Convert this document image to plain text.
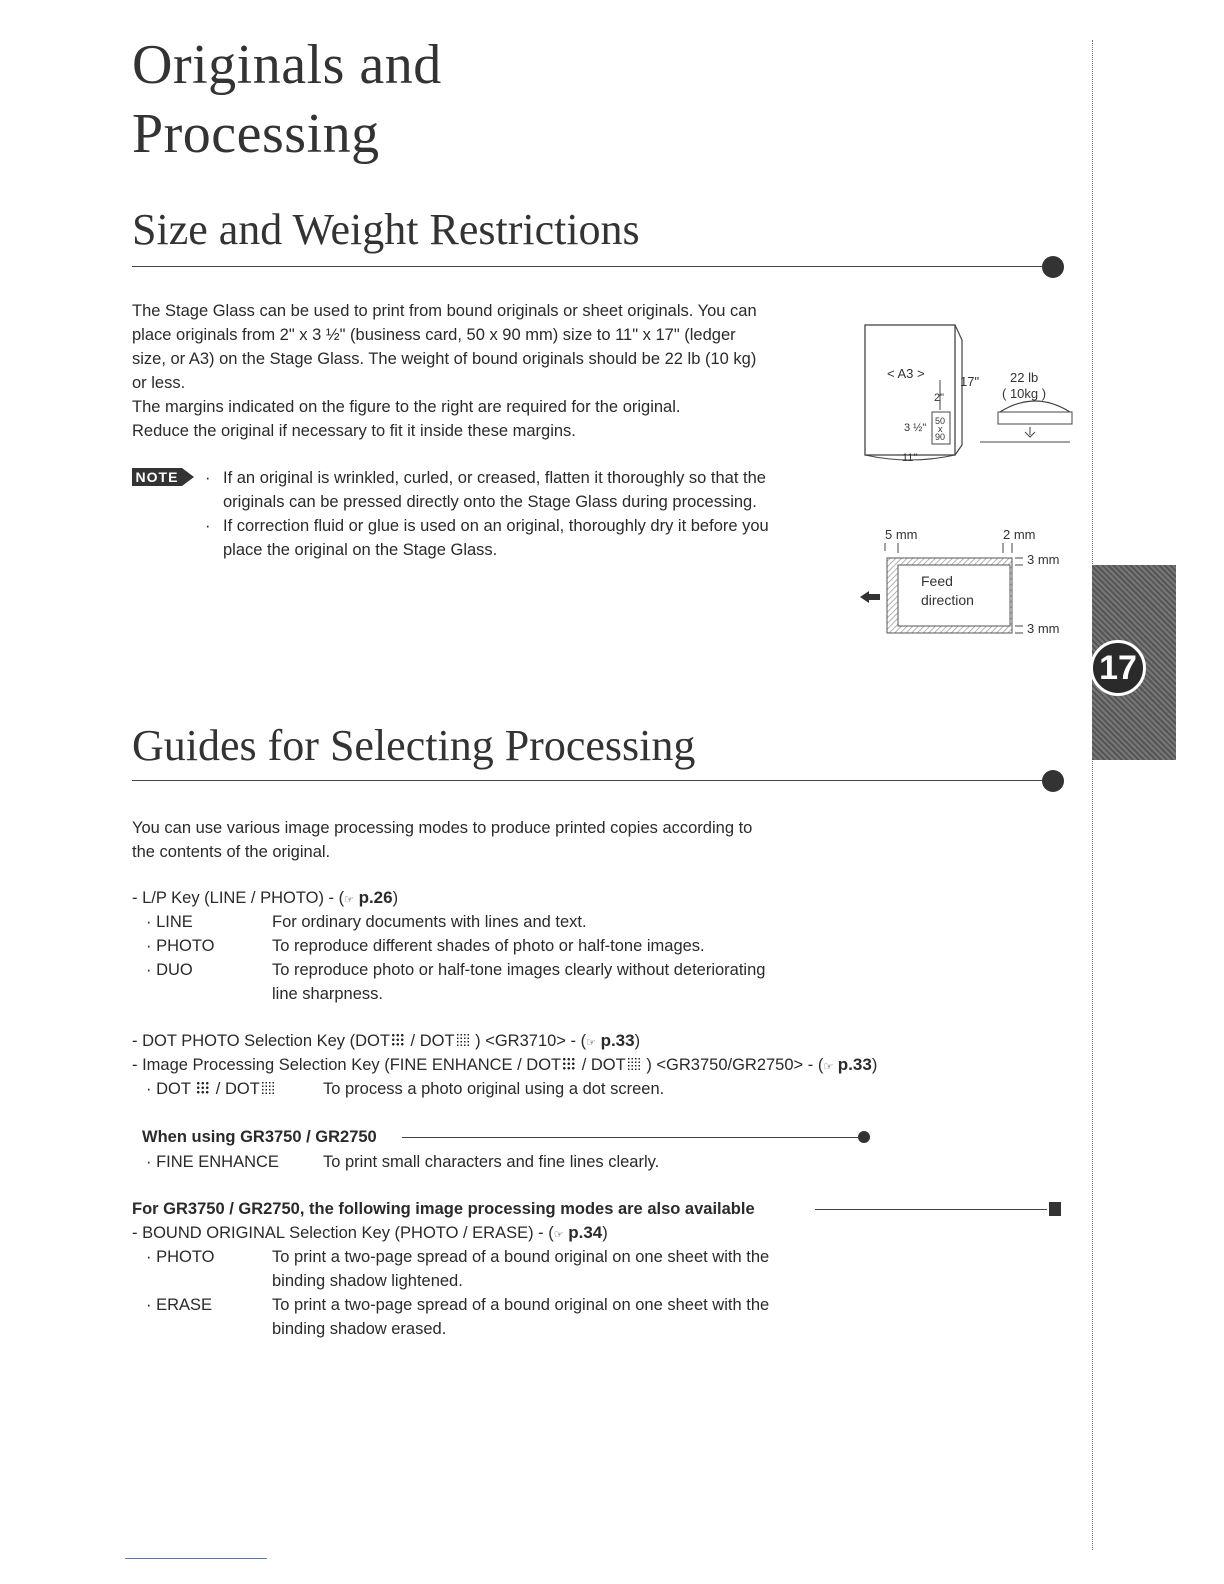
Originals and
Processing
17
Size and Weight Restrictions
The Stage Glass can be used to print from bound originals or sheet originals. You can
place originals from 2" x 3 ½" (business card, 50 x 90 mm) size to 11" x 17" (ledger
size, or A3) on the Stage Glass. The weight of bound originals should be 22 lb (10 kg)
or less.
The margins indicated on the figure to the right are required for the original.
Reduce the original if necessary to fit it inside these margins.
NOTE · If an original is wrinkled, curled, or creased, flatten it thoroughly so that the
originals can be pressed directly onto the Stage Glass during processing.
· If correction fluid or glue is used on an original, thoroughly dry it before you
place the original on the Stage Glass.
< A3 >
17"
2"
3 ½"
50
x
90
11"
22 lb
( 10kg )
5 mm	2 mm
3 mm
3 mm
Feed
direction
Guides for Selecting Processing
You can use various image processing modes to produce printed copies according to
the contents of the original.
- L/P Key (LINE / PHOTO) - (☞ p.26)
· LINE	For ordinary documents with lines and text.
· PHOTO	To reproduce different shades of photo or half-tone images.
· DUO	To reproduce photo or half-tone images clearly without deteriorating
line sharpness.
- DOT PHOTO Selection Key (DOT / DOT ) <GR3710> - (☞ p.33)
- Image Processing Selection Key (FINE ENHANCE / DOT / DOT ) <GR3750/GR2750> - (☞ p.33)
· DOT  / DOT	To process a photo original using a dot screen.
When using GR3750 / GR2750
· FINE ENHANCE	To print small characters and fine lines clearly.
For GR3750 / GR2750, the following image processing modes are also available
- BOUND ORIGINAL Selection Key (PHOTO / ERASE) - (☞ p.34)
· PHOTO	To print a two-page spread of a bound original on one sheet with the
binding shadow lightened.
· ERASE	To print a two-page spread of a bound original on one sheet with the
binding shadow erased.
